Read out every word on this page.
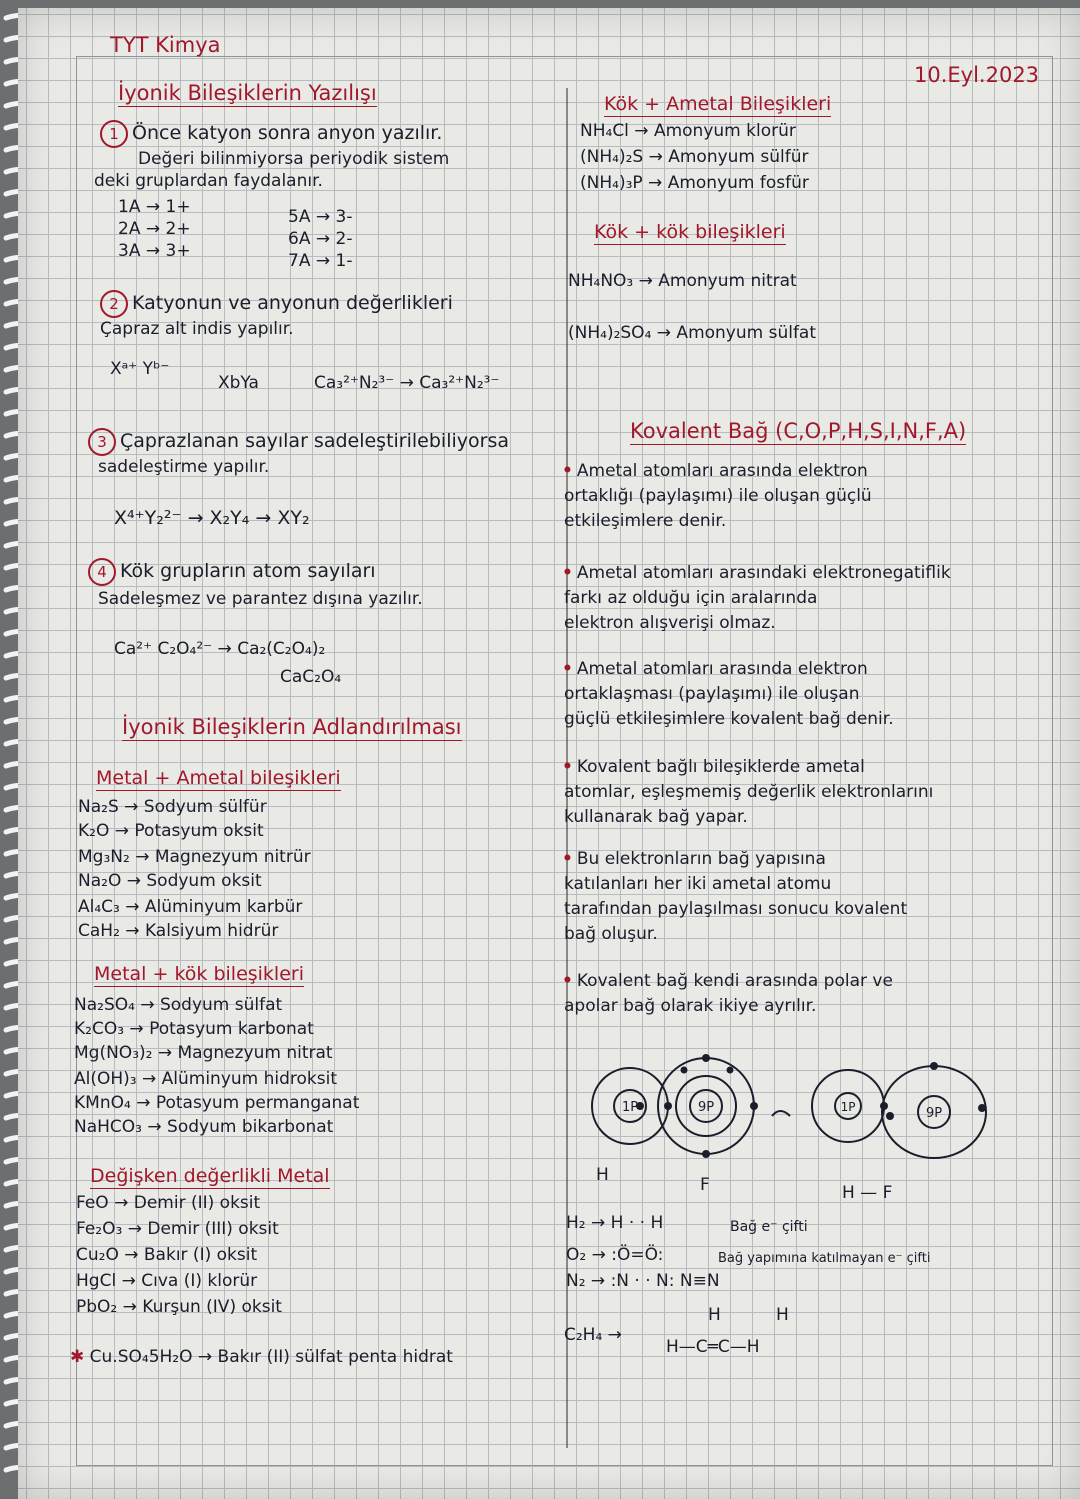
TYT Kimya
10.Eyl.2023
İyonik Bileşiklerin Yazılışı
1 Önce katyon sonra anyon yazılır.
Değeri bilinmiyorsa periyodik sistem
deki gruplardan faydalanır.
1A → 1+
2A → 2+
3A → 3+
5A → 3-
6A → 2-
7A → 1-
2 Katyonun ve anyonun değerlikleri
Çapraz alt indis yapılır.
Xᵃ⁺ Yᵇ⁻
XbYa	Ca₃²⁺N₂³⁻ → Ca₃²⁺N₂³⁻
3 Çaprazlanan sayılar sadeleştirilebiliyorsa
sadeleştirme yapılır.
X⁴⁺Y₂²⁻ → X₂Y₄ → XY₂
4 Kök grupların atom sayıları
Sadeleşmez ve parantez dışına yazılır.
Ca²⁺ C₂O₄²⁻ → Ca₂(C₂O₄)₂
CaC₂O₄
İyonik Bileşiklerin Adlandırılması
Metal + Ametal bileşikleri
Na₂S → Sodyum sülfür
K₂O → Potasyum oksit
Mg₃N₂ → Magnezyum nitrür
Na₂O → Sodyum oksit
Al₄C₃ → Alüminyum karbür
CaH₂ → Kalsiyum hidrür
Metal + kök bileşikleri
Na₂SO₄ → Sodyum sülfat
K₂CO₃ → Potasyum karbonat
Mg(NO₃)₂ → Magnezyum nitrat
Al(OH)₃ → Alüminyum hidroksit
KMnO₄ → Potasyum permanganat
NaHCO₃ → Sodyum bikarbonat
Değişken değerlikli Metal
FeO → Demir (II) oksit
Fe₂O₃ → Demir (III) oksit
Cu₂O → Bakır (I) oksit
HgCl → Cıva (I) klorür
PbO₂ → Kurşun (IV) oksit
✱ Cu.SO₄5H₂O → Bakır (II) sülfat penta hidrat
Kök + Ametal Bileşikleri
NH₄Cl → Amonyum klorür
(NH₄)₂S → Amonyum sülfür
(NH₄)₃P → Amonyum fosfür
Kök + kök bileşikleri
NH₄NO₃ → Amonyum nitrat
(NH₄)₂SO₄ → Amonyum sülfat
Kovalent Bağ (C,O,P,H,S,I,N,F,A)
• Ametal atomları arasında elektron
ortaklığı (paylaşımı) ile oluşan güçlü
etkileşimlere denir.
• Ametal atomları arasındaki elektronegatiflik
farkı az olduğu için aralarında
elektron alışverişi olmaz.
• Ametal atomları arasında elektron
ortaklaşması (paylaşımı) ile oluşan
güçlü etkileşimlere kovalent bağ denir.
• Kovalent bağlı bileşiklerde ametal
atomlar, eşleşmemiş değerlik elektronlarını
kullanarak bağ yapar.
• Bu elektronların bağ yapısına
katılanları her iki ametal atomu
tarafından paylaşılması sonucu kovalent
bağ oluşur.
• Kovalent bağ kendi arasında polar ve
apolar bağ olarak ikiye ayrılır.
1P	9P	1P	9P
H	F	H — F
H₂ → H · · H	Bağ e⁻ çifti
O₂ → :Ö=Ö:	Bağ yapımına katılmayan e⁻ çifti
N₂ → :N · · N: N≡N
C₂H₄ →
H	H
H—C═C—H
